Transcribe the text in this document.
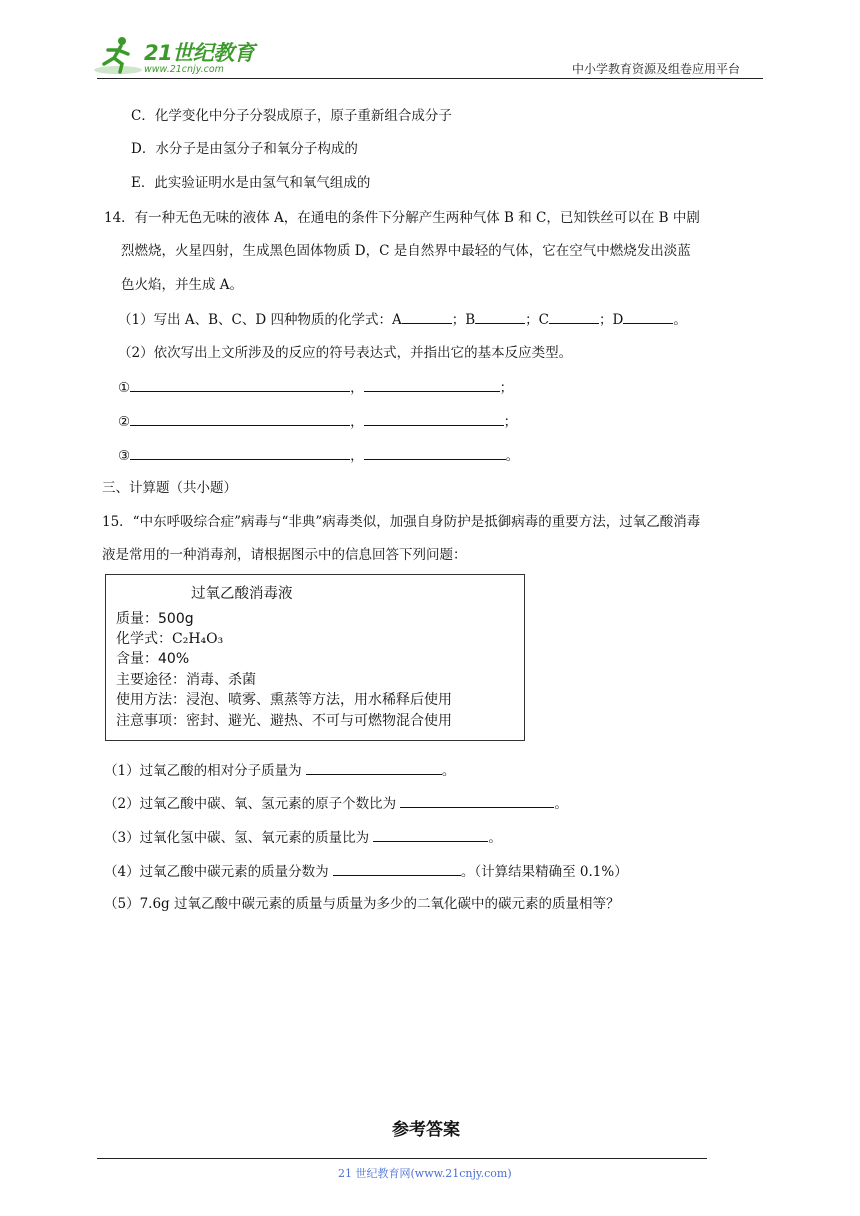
21世纪教育
www.21cnjy.com	中小学教育资源及组卷应用平台
C．化学变化中分子分裂成原子，原子重新组合成分子
D．水分子是由氢分子和氧分子构成的
E．此实验证明水是由氢气和氧气组成的
14．有一种无色无味的液体 A，在通电的条件下分解产生两种气体 B 和 C，已知铁丝可以在 B 中剧
烈燃烧，火星四射，生成黑色固体物质 D，C 是自然界中最轻的气体，它在空气中燃烧发出淡蓝
色火焰，并生成 A。
（1）写出 A、B、C、D 四种物质的化学式：A	；B	；C	；D	。
（2）依次写出上文所涉及的反应的符号表达式，并指出它的基本反应类型。
①	，	；
②	，	；
③	，	。
三、计算题（共小题）
15．“中东呼吸综合症”病毒与“非典”病毒类似，加强自身防护是抵御病毒的重要方法，过氧乙酸消毒
液是常用的一种消毒剂，请根据图示中的信息回答下列问题：
过氧乙酸消毒液
质量：500g
化学式：C₂H₄O₃
含量：40%
主要途径：消毒、杀菌
使用方法：浸泡、喷雾、熏蒸等方法，用水稀释后使用
注意事项：密封、避光、避热、不可与可燃物混合使用
（1）过氧乙酸的相对分子质量为	。
（2）过氧乙酸中碳、氧、氢元素的原子个数比为	。
（3）过氧化氢中碳、氢、氧元素的质量比为	。
（4）过氧乙酸中碳元素的质量分数为	。（计算结果精确至 0.1%）
（5）7.6g 过氧乙酸中碳元素的质量与质量为多少的二氧化碳中的碳元素的质量相等？
参考答案
21 世纪教育网(www.21cnjy.com)
